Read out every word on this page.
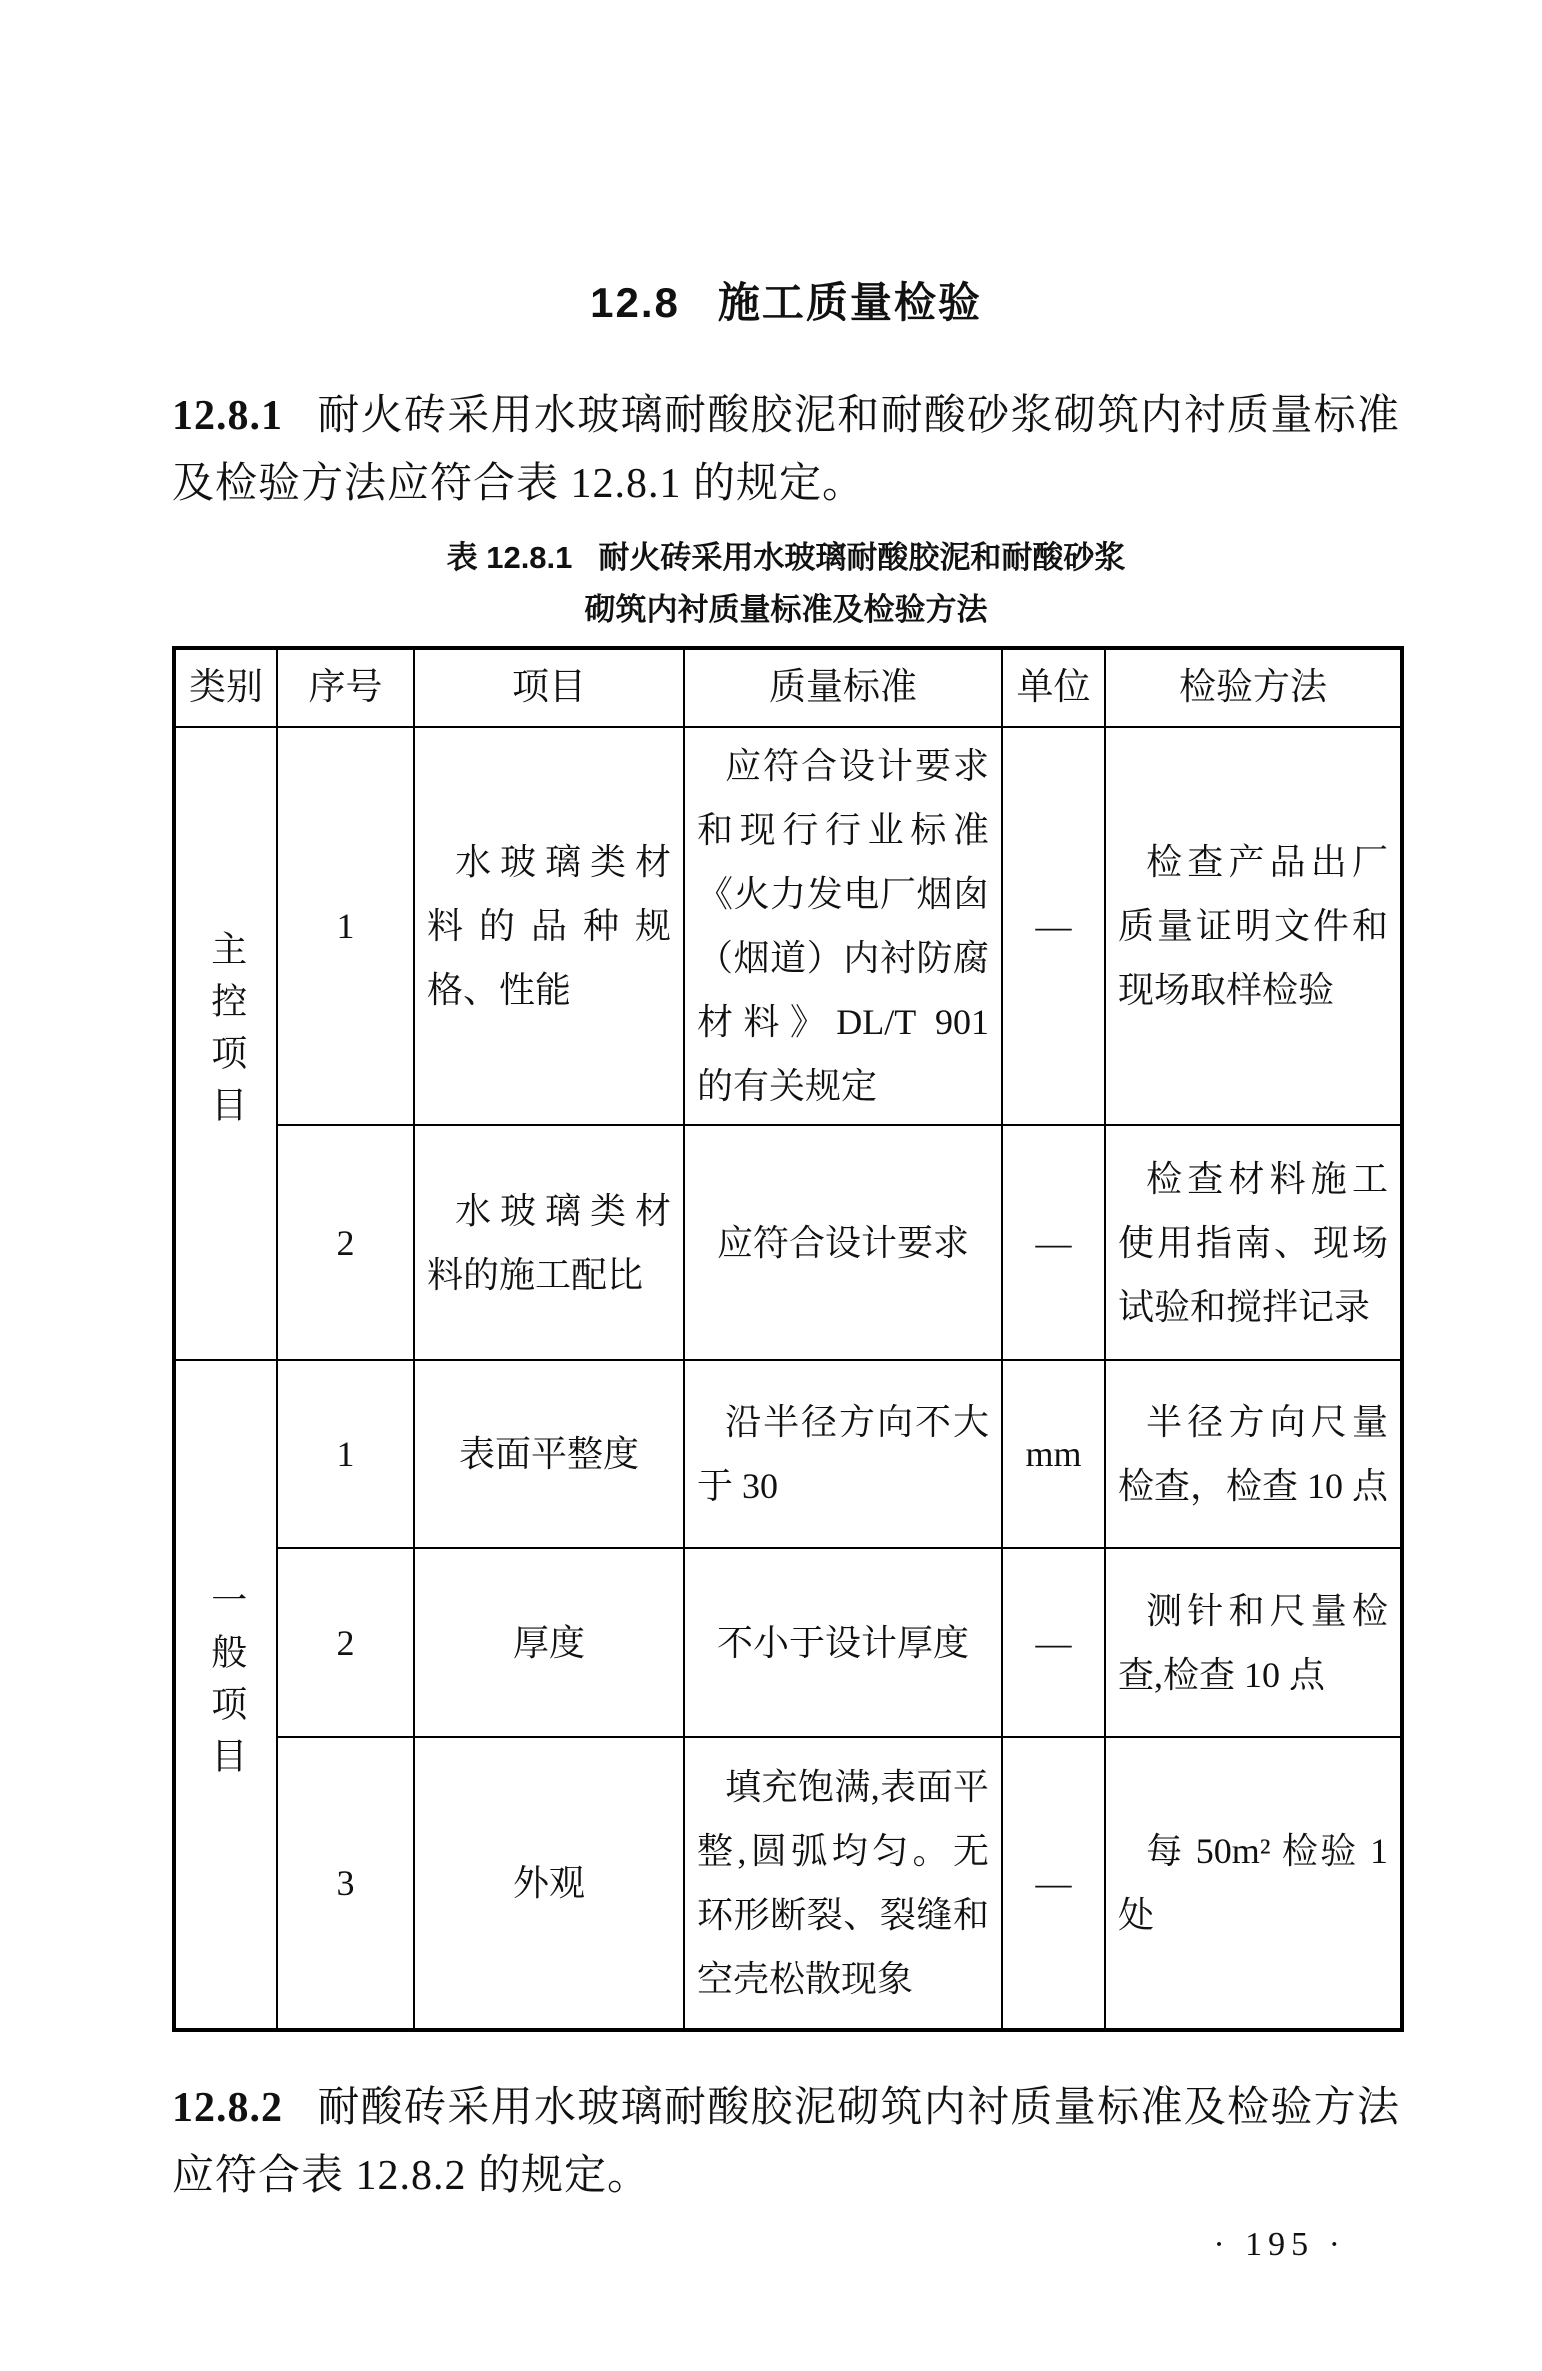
12.8 施工质量检验

12.8.1 耐火砖采用水玻璃耐酸胶泥和耐酸砂浆砌筑内衬质量标准及检验方法应符合表 12.8.1 的规定。

表 12.8.1 耐火砖采用水玻璃耐酸胶泥和耐酸砂浆
砌筑内衬质量标准及检验方法
类别	序号	项目	质量标准	单位	检验方法
主控项目	1	水玻璃类材料的品种规格、性能	应符合设计要求和现行行业标准《火力发电厂烟囱（烟道）内衬防腐材料》DL/T 901 的有关规定	—	检查产品出厂质量证明文件和现场取样检验
	2	水玻璃类材料的施工配比	应符合设计要求	—	检查材料施工使用指南、现场试验和搅拌记录
一般项目	1	表面平整度	沿半径方向不大于 30	mm	半径方向尺量检查，检查 10 点
	2	厚度	不小于设计厚度	—	测针和尺量检查,检查 10 点
	3	外观	填充饱满,表面平整,圆弧均匀。无环形断裂、裂缝和空壳松散现象	—	每 50m² 检验 1 处

12.8.2 耐酸砖采用水玻璃耐酸胶泥砌筑内衬质量标准及检验方法应符合表 12.8.2 的规定。

· 195 ·
